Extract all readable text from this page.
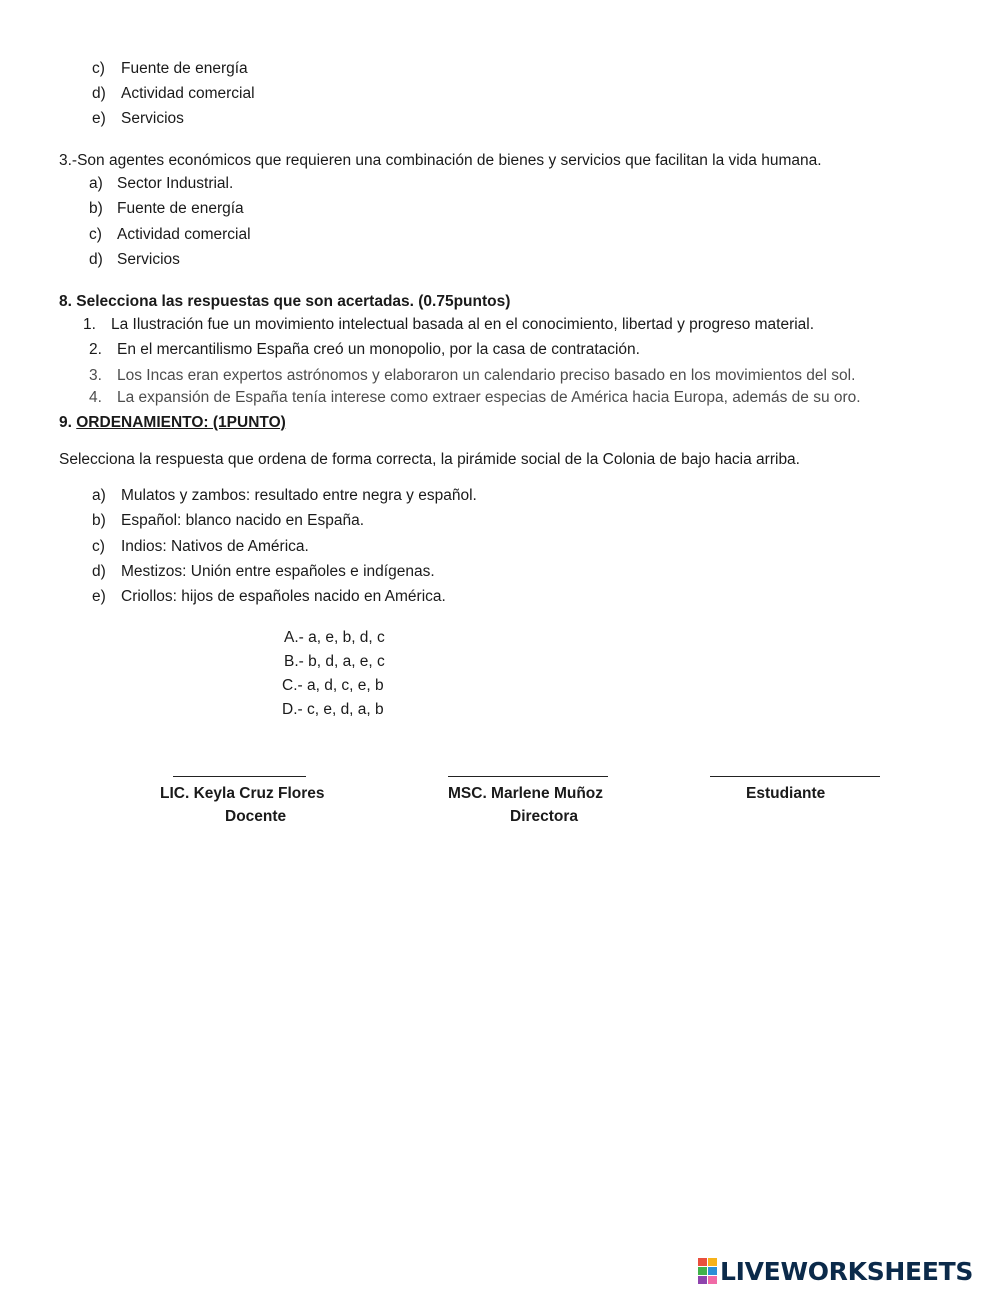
c) Fuente de energía
d) Actividad comercial
e) Servicios
3.-Son agentes económicos que requieren una combinación de bienes y servicios que facilitan la vida humana.
a) Sector Industrial.
b) Fuente de energía
c) Actividad comercial
d) Servicios
8. Selecciona las respuestas que son acertadas. (0.75puntos)
1. La Ilustración fue un movimiento intelectual basada al en el conocimiento, libertad y progreso material.
2. En el mercantilismo España creó un monopolio, por la casa de contratación.
3. Los Incas eran expertos astrónomos y elaboraron un calendario preciso basado en los movimientos del sol.
4. La expansión de España tenía interese como extraer especias de América hacia Europa, además de su oro.
9. ORDENAMIENTO: (1PUNTO)
Selecciona la respuesta que ordena de forma correcta, la pirámide social de la Colonia de bajo hacia arriba.
a) Mulatos y zambos: resultado entre negra y español.
b) Español: blanco nacido en España.
c) Indios: Nativos de América.
d) Mestizos: Unión entre españoles e indígenas.
e) Criollos: hijos de españoles nacido en América.
A.- a, e, b, d, c
B.- b, d, a, e, c
C.- a, d, c, e, b
D.- c, e, d, a, b
LIC. Keyla Cruz Flores
Docente
MSC. Marlene Muñoz
Directora
Estudiante
LIVEWORKSHEETS
